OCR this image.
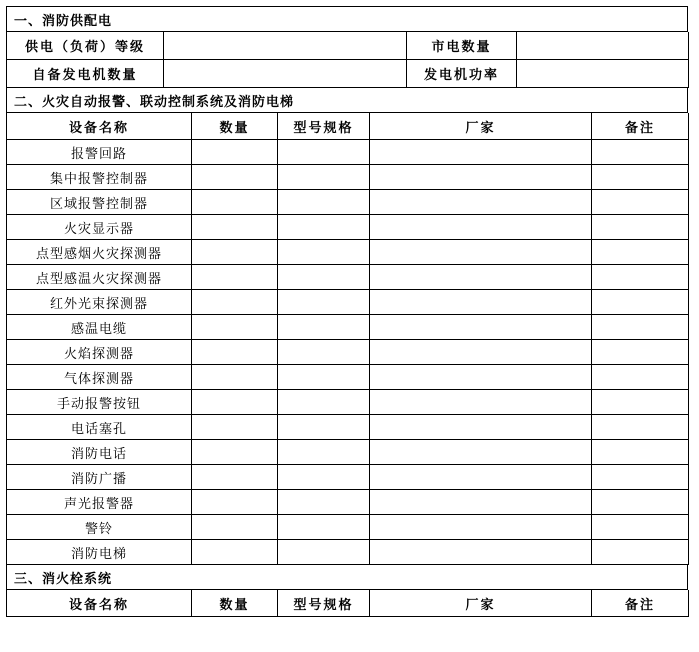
一、消防供配电
供电（负荷）等级		市电数量	
自备发电机数量		发电机功率	
二、火灾自动报警、联动控制系统及消防电梯
设备名称	数量	型号规格	厂家	备注
报警回路				
集中报警控制器				
区域报警控制器				
火灾显示器				
点型感烟火灾探测器				
点型感温火灾探测器				
红外光束探测器				
感温电缆				
火焰探测器				
气体探测器				
手动报警按钮				
电话塞孔				
消防电话				
消防广播				
声光报警器				
警铃				
消防电梯				
三、消火栓系统
设备名称	数量	型号规格	厂家	备注
